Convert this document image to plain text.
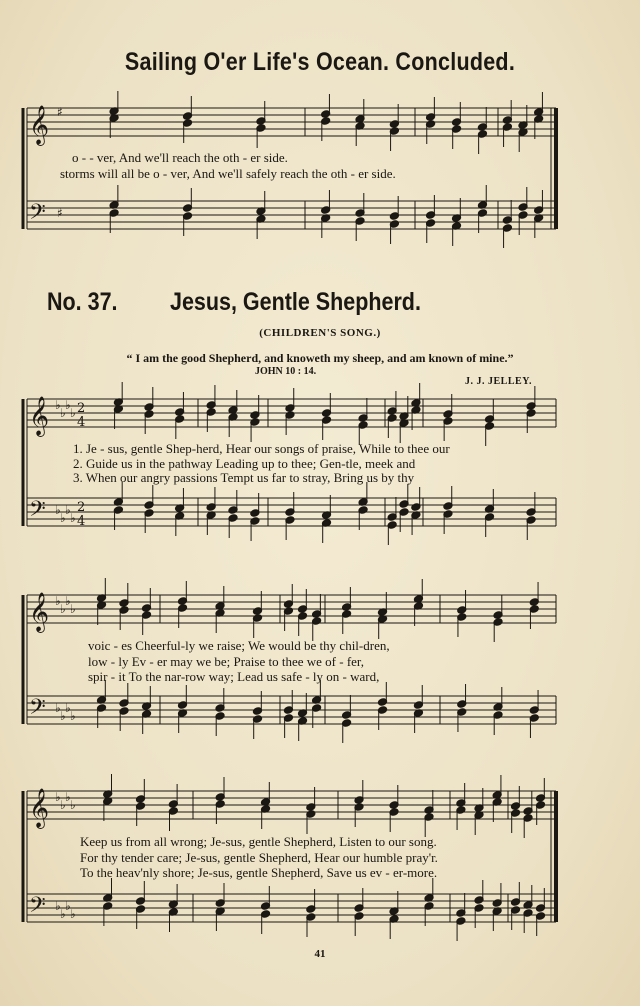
Sailing O'er Life's Ocean. Concluded.
𝄞
𝄢
♯
♯
𝄞
𝄢
♭
♭
♭
♭
♭
♭
♭
♭
2
4
2
4
𝄞
𝄢
♭
♭
♭
♭
♭
♭
♭
♭
𝄞
𝄢
♭
♭
♭
♭
♭
♭
♭
♭
o - - ver, And we'll reach the oth - er side.
storms will all be o - ver, And we'll safely reach the oth - er side.
No. 37. Jesus, Gentle Shepherd.
(CHILDREN'S SONG.)
“ I am the good Shepherd, and knoweth my sheep, and am known of mine.”
JOHN 10 : 14.
J. J. JELLEY.
1. Je - sus, gentle Shep-herd, Hear our songs of praise, While to thee our
2. Guide us in the pathway Leading up to thee; Gen-tle, meek and
3. When our angry passions Tempt us far to stray, Bring us by thy
voic - es Cheerful-ly we raise; We would be thy chil-dren,
low - ly Ev - er may we be; Praise to thee we of - fer,
spir - it To the nar-row way; Lead us safe - ly on - ward,
Keep us from all wrong; Je-sus, gentle Shepherd, Listen to our song.
For thy tender care; Je-sus, gentle Shepherd, Hear our humble pray'r.
To the heav'nly shore; Je-sus, gentle Shepherd, Save us ev - er-more.
41
